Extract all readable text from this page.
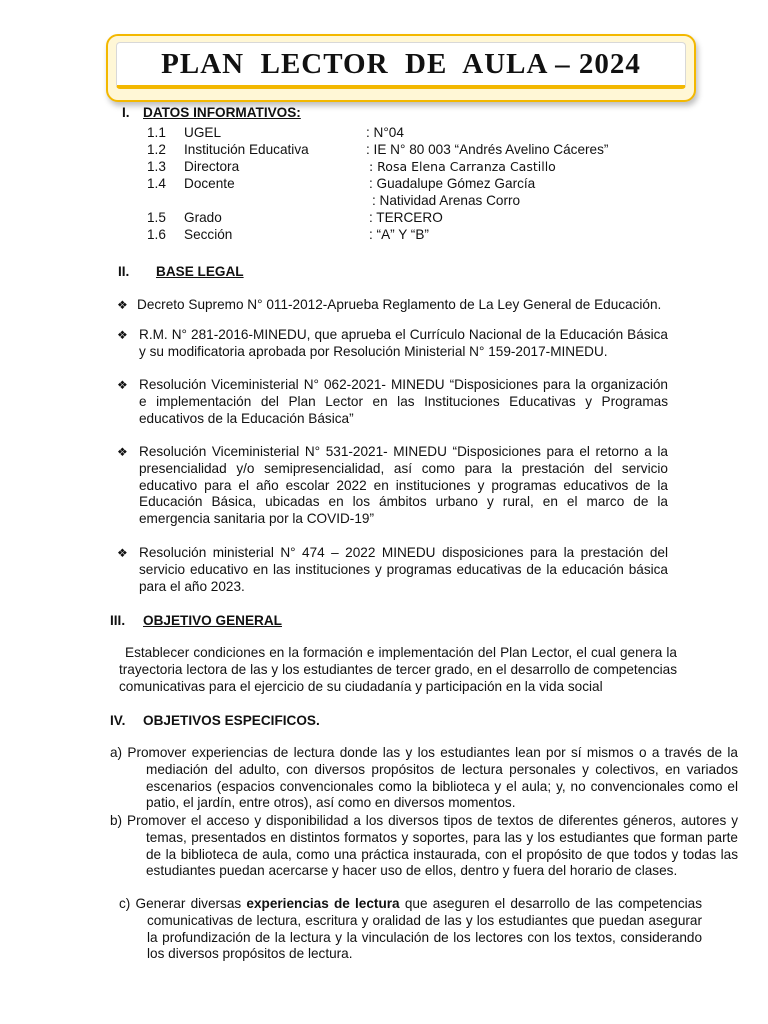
PLAN  LECTOR  DE  AULA – 2024
I. DATOS INFORMATIVOS:
1.1 UGEL	: N°04
1.2 Institución Educativa	: IE N° 80 003 “Andrés Avelino Cáceres”
1.3 Directora	: Rosa Elena Carranza Castillo
1.4 Docente	: Guadalupe Gómez García
: Natividad Arenas Corro
1.5 Grado	: TERCERO
1.6 Sección	: “A” Y “B”
II. BASE LEGAL
❖ Decreto Supremo N° 011-2012-Aprueba Reglamento de La Ley General de Educación.
❖ R.M. N° 281-2016-MINEDU, que aprueba el Currículo Nacional de la Educación Básica y su modificatoria aprobada por Resolución Ministerial N° 159-2017-MINEDU.
❖ Resolución Viceministerial N° 062-2021- MINEDU “Disposiciones para la organización e implementación del Plan Lector en las Instituciones Educativas y Programas educativos de la Educación Básica”
❖ Resolución Viceministerial N° 531-2021- MINEDU “Disposiciones para el retorno a la presencialidad y/o semipresencialidad, así como para la prestación del servicio educativo para el año escolar 2022 en instituciones y programas educativos de la Educación Básica, ubicadas en los ámbitos urbano y rural, en el marco de la emergencia sanitaria por la COVID-19”
❖ Resolución ministerial N° 474 – 2022 MINEDU disposiciones para la prestación del servicio educativo en las instituciones y programas educativas de la educación básica para el año 2023.
III. OBJETIVO GENERAL
Establecer condiciones en la formación e implementación del Plan Lector, el cual genera la trayectoria lectora de las y los estudiantes de tercer grado, en el desarrollo de competencias comunicativas para el ejercicio de su ciudadanía y participación en la vida social
IV. OBJETIVOS ESPECIFICOS.
a) Promover experiencias de lectura donde las y los estudiantes lean por sí mismos o a través de la mediación del adulto, con diversos propósitos de lectura personales y colectivos, en variados escenarios (espacios convencionales como la biblioteca y el aula; y, no convencionales como el patio, el jardín, entre otros), así como en diversos momentos.
b) Promover el acceso y disponibilidad a los diversos tipos de textos de diferentes géneros, autores y temas, presentados en distintos formatos y soportes, para las y los estudiantes que forman parte de la biblioteca de aula, como una práctica instaurada, con el propósito de que todos y todas las estudiantes puedan acercarse y hacer uso de ellos, dentro y fuera del horario de clases.
c) Generar diversas experiencias de lectura que aseguren el desarrollo de las competencias comunicativas de lectura, escritura y oralidad de las y los estudiantes que puedan asegurar la profundización de la lectura y la vinculación de los lectores con los textos, considerando los diversos propósitos de lectura.
